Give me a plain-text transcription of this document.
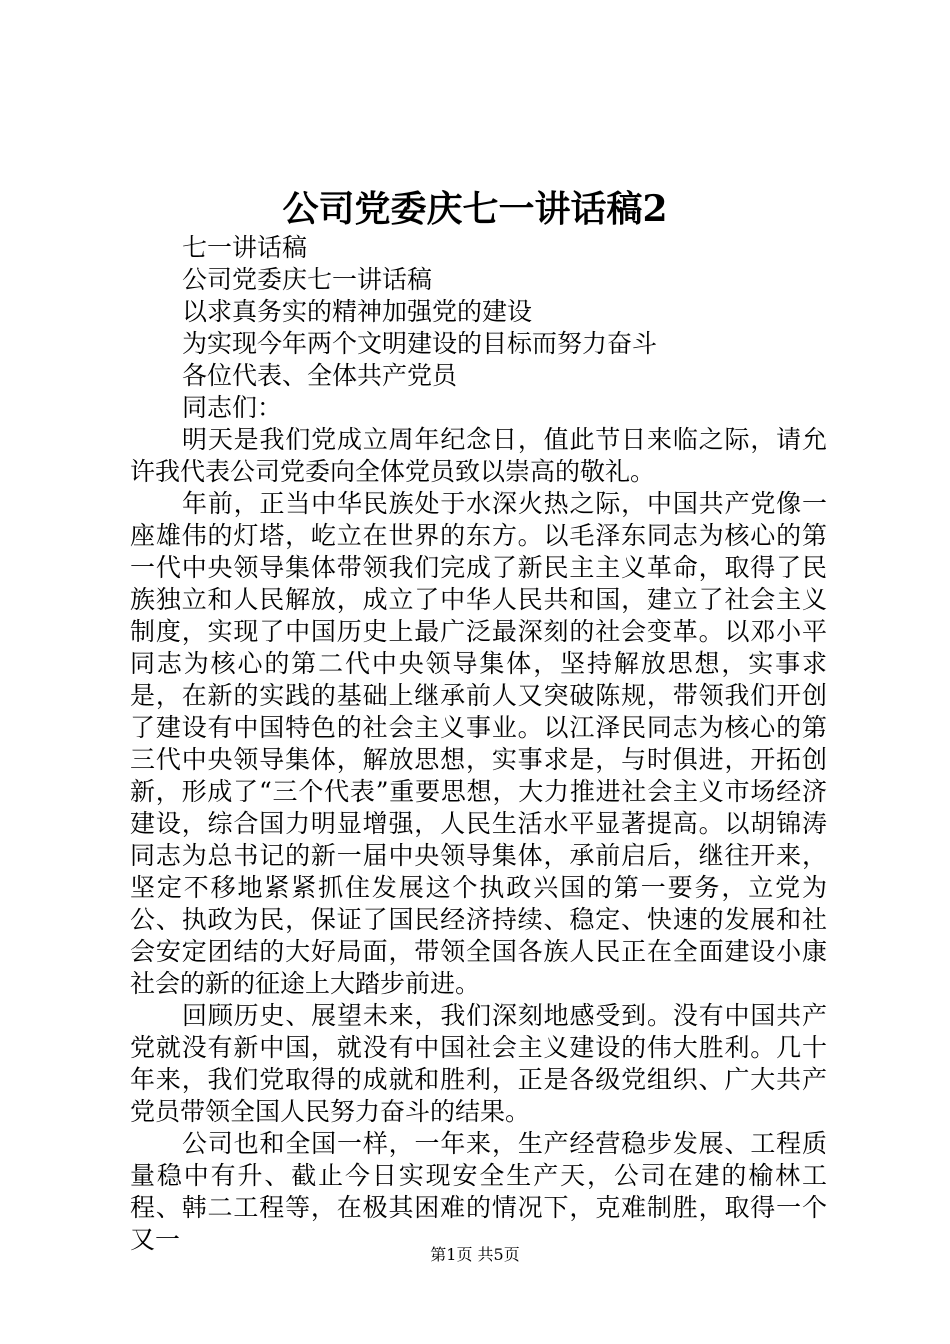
公司党委庆七一讲话稿2

七一讲话稿

公司党委庆七一讲话稿

以求真务实的精神加强党的建设

为实现今年两个文明建设的目标而努力奋斗

各位代表、全体共产党员

同志们：

明天是我们党成立周年纪念日，值此节日来临之际，请允许我代表公司党委向全体党员致以崇高的敬礼。

年前，正当中华民族处于水深火热之际，中国共产党像一座雄伟的灯塔，屹立在世界的东方。以毛泽东同志为核心的第一代中央领导集体带领我们完成了新民主主义革命，取得了民族独立和人民解放，成立了中华人民共和国，建立了社会主义制度，实现了中国历史上最广泛最深刻的社会变革。以邓小平同志为核心的第二代中央领导集体，坚持解放思想，实事求是，在新的实践的基础上继承前人又突破陈规，带领我们开创了建设有中国特色的社会主义事业。以江泽民同志为核心的第三代中央领导集体，解放思想，实事求是，与时俱进，开拓创新，形成了“三个代表”重要思想，大力推进社会主义市场经济建设，综合国力明显增强，人民生活水平显著提高。以胡锦涛同志为总书记的新一届中央领导集体，承前启后，继往开来，坚定不移地紧紧抓住发展这个执政兴国的第一要务，立党为公、执政为民，保证了国民经济持续、稳定、快速的发展和社会安定团结的大好局面，带领全国各族人民正在全面建设小康社会的新的征途上大踏步前进。

回顾历史、展望未来，我们深刻地感受到。没有中国共产党就没有新中国，就没有中国社会主义建设的伟大胜利。几十年来，我们党取得的成就和胜利，正是各级党组织、广大共产党员带领全国人民努力奋斗的结果。

公司也和全国一样，一年来，生产经营稳步发展、工程质量稳中有升、截止今日实现安全生产天，公司在建的榆林工程、韩二工程等，在极其困难的情况下，克难制胜，取得一个又一

第1页 共5页
